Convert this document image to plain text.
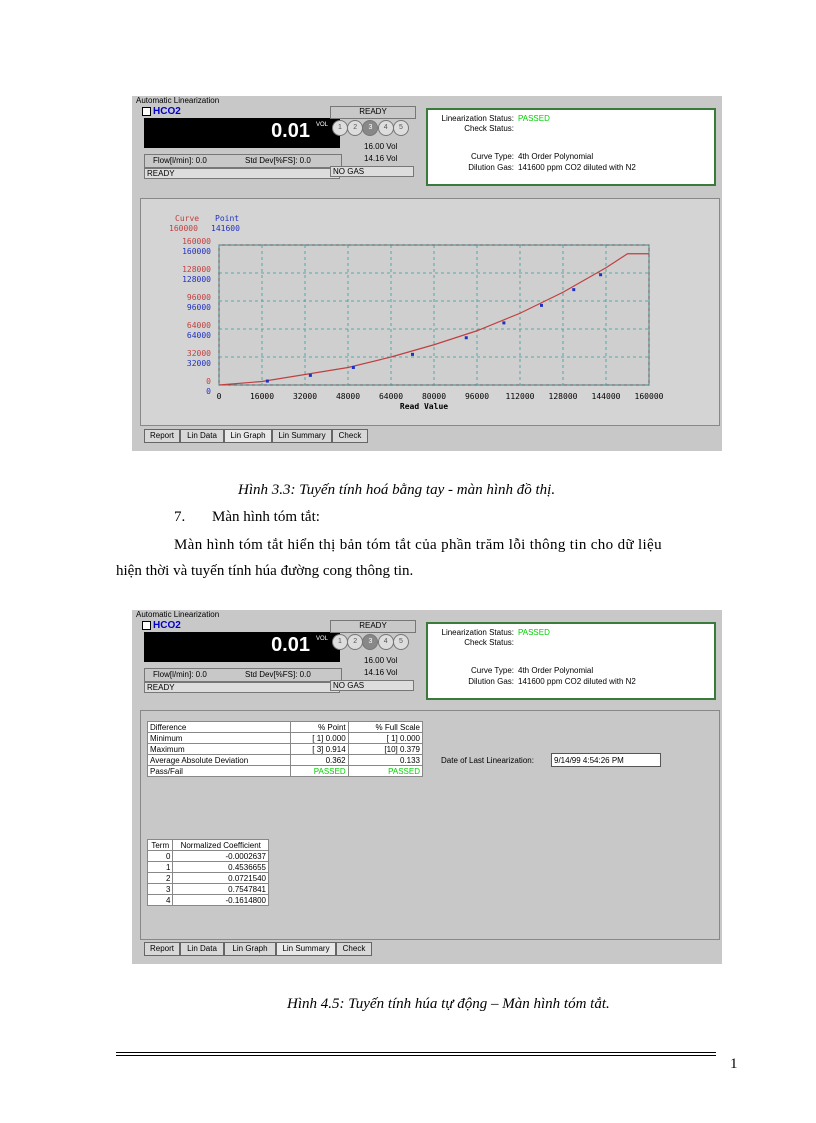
Automatic Linearization
HCO2
0.01 VOL
Flow[l/min]: 0.0	Std Dev[%FS]: 0.0
READY
READY
1 2 3 4 5
16.00 Vol
14.16 Vol
NO GAS
Linearization Status: PASSED
Check Status:
Curve Type: 4th Order Polynomial
Dilution Gas: 141600 ppm CO2 diluted with N2
Curve Point
160000 141600
160000
160000
128000
128000
96000
96000
64000
64000
32000
32000
0
0
0	16000 32000 48000 64000 80000 96000 112000 128000 144000 160000
Read Value
Report	Lin Data	Lin Graph	Lin Summary	Check
Hình 3.3: Tuyến tính hoá bằng tay - màn hình đồ thị.
7. Màn hình tóm tắt:
Màn hình tóm tắt hiển thị bản tóm tắt của phần trăm lỗi thông tin cho dữ liệu
hiện thời và tuyến tính húa đường cong thông tin.
Automatic Linearization
HCO2
0.01 VOL
Flow[l/min]: 0.0	Std Dev[%FS]: 0.0
READY
READY
1 2 3 4 5
16.00 Vol
14.16 Vol
NO GAS
Linearization Status: PASSED
Check Status:
Curve Type: 4th Order Polynomial
Dilution Gas: 141600 ppm CO2 diluted with N2
Difference	% Point	% Full Scale
Minimum	[ 1] 0.000	[ 1] 0.000
Maximum	[ 3] 0.914	[10] 0.379
Average Absolute Deviation	0.362	0.133
Pass/Fail	PASSED	PASSED
Date of Last Linearization:	9/14/99 4:54:26 PM
Term	Normalized Coefficient
0	-0.0002637
1	0.4536655
2	0.0721540
3	0.7547841
4	-0.1614800
Report	Lin Data	Lin Graph	Lin Summary	Check
Hình 4.5: Tuyến tính húa tự động – Màn hình tóm tắt.
1
